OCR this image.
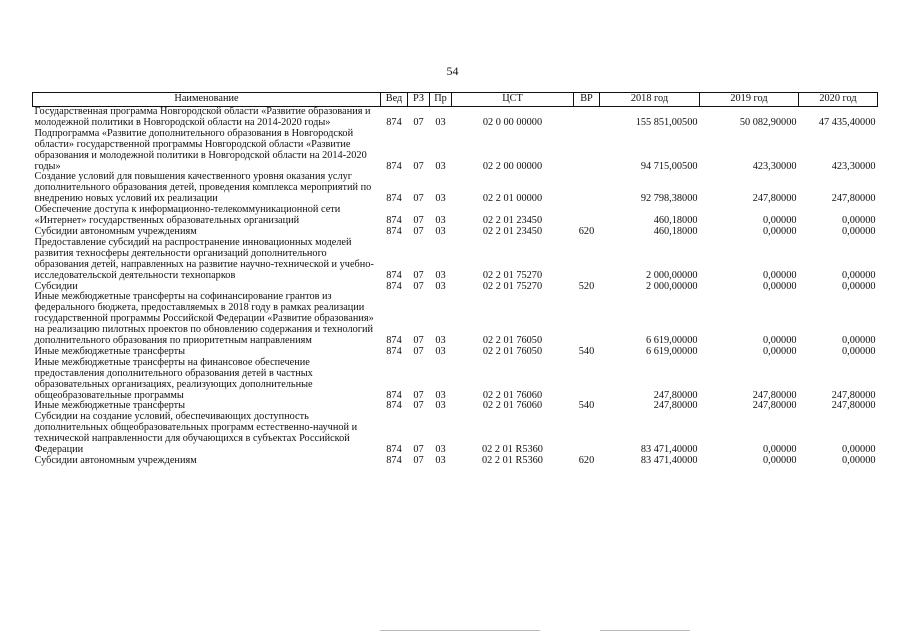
54
Наименование	Вед	РЗ	Пр	ЦСТ	ВР	2018 год	2019 год	2020 год
Государственная программа Новгородской области «Развитие образования и молодежной политики в Новгородской области на 2014-2020 годы»	874	07	03	02 0 00 00000		155 851,00500	50 082,90000	47 435,40000
Подпрограмма «Развитие дополнительного образования в Новгородской области» государственной программы Новгородской области «Развитие образования и молодежной политики в Новгородской области на 2014-2020 годы»	874	07	03	02 2 00 00000		94 715,00500	423,30000	423,30000
Создание условий для повышения качественного уровня оказания услуг дополнительного образования детей, проведения комплекса мероприятий по внедрению новых условий их реализации	874	07	03	02 2 01 00000		92 798,38000	247,80000	247,80000
Обеспечение доступа к информационно-телекоммуникационной сети «Интернет» государственных образовательных организаций	874	07	03	02 2 01 23450		460,18000	0,00000	0,00000
Субсидии автономным учреждениям	874	07	03	02 2 01 23450	620	460,18000	0,00000	0,00000
Предоставление субсидий на распространение инновационных моделей развития техносферы деятельности организаций дополнительного образования детей, направленных на развитие научно-технической и учебно-исследовательской деятельности технопарков	874	07	03	02 2 01 75270		2 000,00000	0,00000	0,00000
Субсидии	874	07	03	02 2 01 75270	520	2 000,00000	0,00000	0,00000
Иные межбюджетные трансферты на софинансирование грантов из федерального бюджета, предоставляемых в 2018 году в рамках реализации государственной программы Российской Федерации «Развитие образования» на реализацию пилотных проектов по обновлению содержания и технологий дополнительного образования по приоритетным направлениям	874	07	03	02 2 01 76050		6 619,00000	0,00000	0,00000
Иные межбюджетные трансферты	874	07	03	02 2 01 76050	540	6 619,00000	0,00000	0,00000
Иные межбюджетные трансферты на финансовое обеспечение предоставления дополнительного образования детей в частных образовательных организациях, реализующих дополнительные общеобразовательные программы	874	07	03	02 2 01 76060		247,80000	247,80000	247,80000
Иные межбюджетные трансферты	874	07	03	02 2 01 76060	540	247,80000	247,80000	247,80000
Субсидии на создание условий, обеспечивающих доступность дополнительных общеобразовательных программ естественно-научной и технической направленности для обучающихся в субъектах Российской Федерации	874	07	03	02 2 01 R5360		83 471,40000	0,00000	0,00000
Субсидии автономным учреждениям	874	07	03	02 2 01 R5360	620	83 471,40000	0,00000	0,00000
